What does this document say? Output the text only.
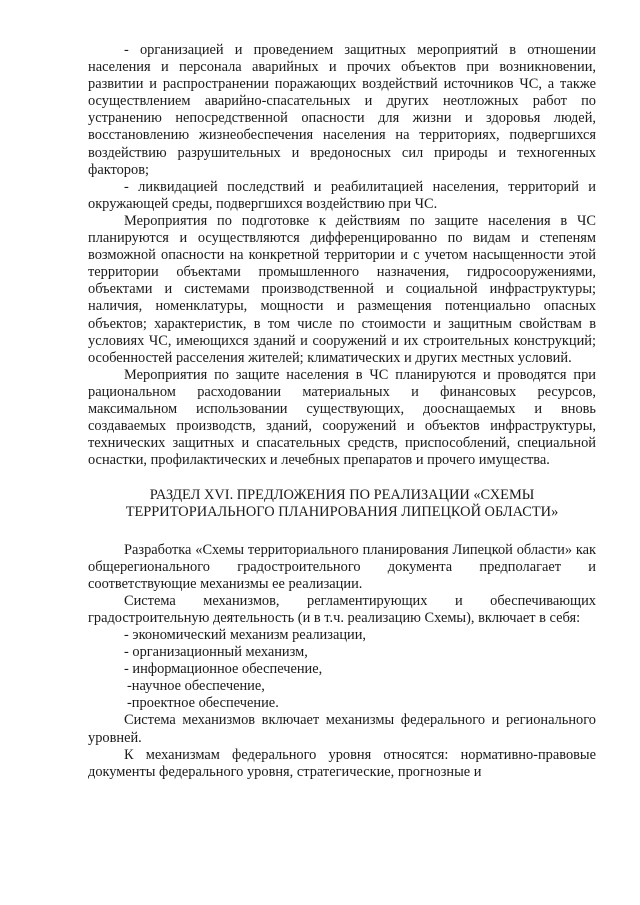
- организацией и проведением защитных мероприятий в отношении населения и персонала аварийных и прочих объектов при возникновении, развитии и распространении поражающих воздействий источников ЧС, а также осуществлением аварийно-спасательных и других неотложных работ по устранению непосредственной опасности для жизни и здоровья людей, восстановлению жизнеобеспечения населения на территориях, подвергшихся воздействию разрушительных и вредоносных сил природы и техногенных факторов;

- ликвидацией последствий и реабилитацией населения, территорий и окружающей среды, подвергшихся воздействию при ЧС.

Мероприятия по подготовке к действиям по защите населения в ЧС планируются и осуществляются дифференцированно по видам и степеням возможной опасности на конкретной территории и с учетом насыщенности этой территории объектами промышленного назначения, гидросооружениями, объектами и системами производственной и социальной инфраструктуры; наличия, номенклатуры, мощности и размещения потенциально опасных объектов; характеристик, в том числе по стоимости и защитным свойствам в условиях ЧС, имеющихся зданий и сооружений и их строительных конструкций; особенностей расселения жителей; климатических и других местных условий.

Мероприятия по защите населения в ЧС планируются и проводятся при рациональном расходовании материальных и финансовых ресурсов, максимальном использовании существующих, дооснащаемых и вновь создаваемых производств, зданий, сооружений и объектов инфраструктуры, технических защитных и спасательных средств, приспособлений, специальной оснастки, профилактических и лечебных препаратов и прочего имущества.

РАЗДЕЛ XVI. ПРЕДЛОЖЕНИЯ ПО РЕАЛИЗАЦИИ «СХЕМЫ
ТЕРРИТОРИАЛЬНОГО ПЛАНИРОВАНИЯ ЛИПЕЦКОЙ ОБЛАСТИ»

Разработка «Схемы территориального планирования Липецкой области» как общерегионального градостроительного документа предполагает и соответствующие механизмы ее реализации.

Система механизмов, регламентирующих и обеспечивающих градостроительную деятельность (и в т.ч. реализацию Схемы), включает в себя:

- экономический механизм реализации,
- организационный механизм,
- информационное обеспечение,
-научное обеспечение,
-проектное обеспечение.

Система механизмов включает механизмы федерального и регионального уровней.

К механизмам федерального уровня относятся: нормативно-правовые документы федерального уровня, стратегические, прогнозные и
